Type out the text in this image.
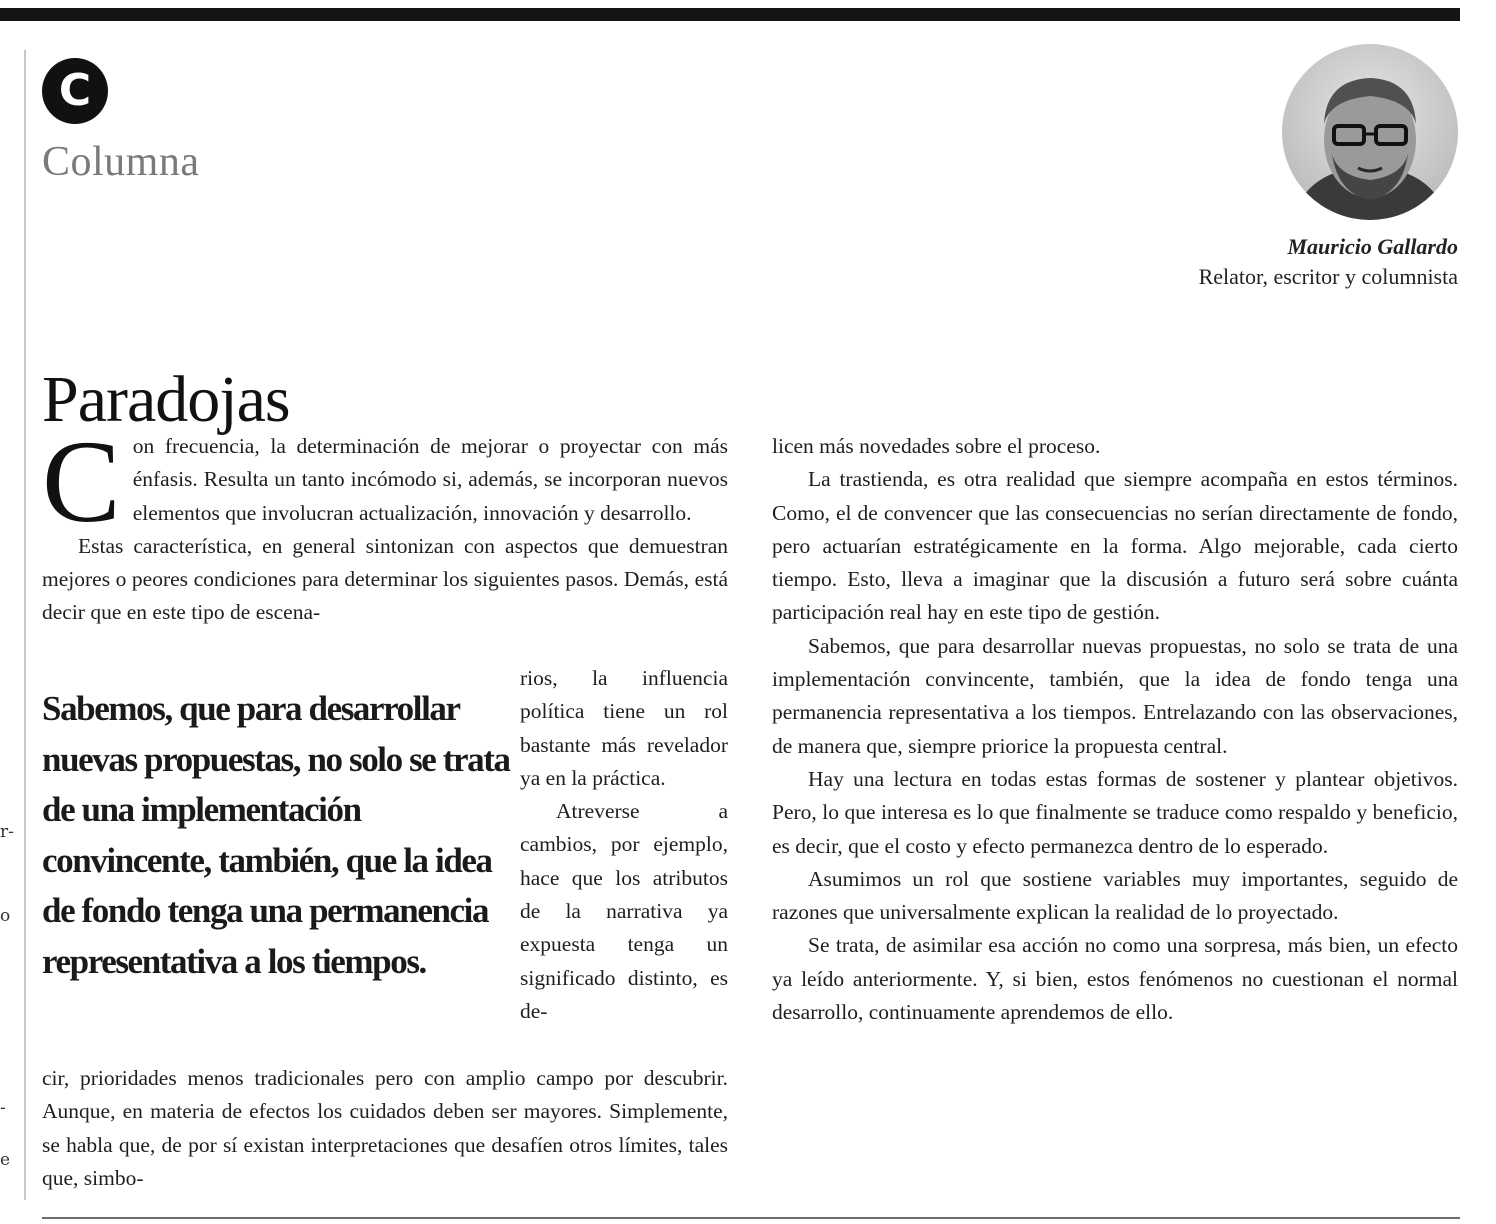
r-
o
-
e
C
Columna
Mauricio Gallardo
Relator, escritor y columnista
Paradojas

Con frecuencia, la determinación de mejorar o proyectar con más énfasis. Resulta un tanto incómodo si, además, se incorporan nuevos elementos que involucran actualización, innovación y desarrollo.

Estas característica, en general sintonizan con aspectos que demuestran mejores o peores condiciones para determinar los siguientes pasos. Demás, está decir que en este tipo de escena-

Sabemos, que para desarrollar nuevas propuestas, no solo se trata de una implementación convincente, también, que la idea de fondo tenga una permanencia representativa a los tiempos.

rios, la influencia política tiene un rol bastante más revelador ya en la práctica.

Atreverse a cambios, por ejemplo, hace que los atributos de la narrativa ya expuesta tenga un significado distinto, es de-

cir, prioridades menos tradicionales pero con amplio campo por descubrir. Aunque, en materia de efectos los cuidados deben ser mayores. Simplemente, se habla que, de por sí existan interpretaciones que desafíen otros límites, tales que, simbo-

licen más novedades sobre el proceso.

La trastienda, es otra realidad que siempre acompaña en estos términos. Como, el de convencer que las consecuencias no serían directamente de fondo, pero actuarían estratégicamente en la forma. Algo mejorable, cada cierto tiempo. Esto, lleva a imaginar que la discusión a futuro será sobre cuánta participación real hay en este tipo de gestión.

Sabemos, que para desarrollar nuevas propuestas, no solo se trata de una implementación convincente, también, que la idea de fondo tenga una permanencia representativa a los tiempos. Entrelazando con las observaciones, de manera que, siempre priorice la propuesta central.

Hay una lectura en todas estas formas de sostener y plantear objetivos. Pero, lo que interesa es lo que finalmente se traduce como respaldo y beneficio, es decir, que el costo y efecto permanezca dentro de lo esperado.

Asumimos un rol que sostiene variables muy importantes, seguido de razones que universalmente explican la realidad de lo proyectado.

Se trata, de asimilar esa acción no como una sorpresa, más bien, un efecto ya leído anteriormente. Y, si bien, estos fenómenos no cuestionan el normal desarrollo, continuamente aprendemos de ello.
